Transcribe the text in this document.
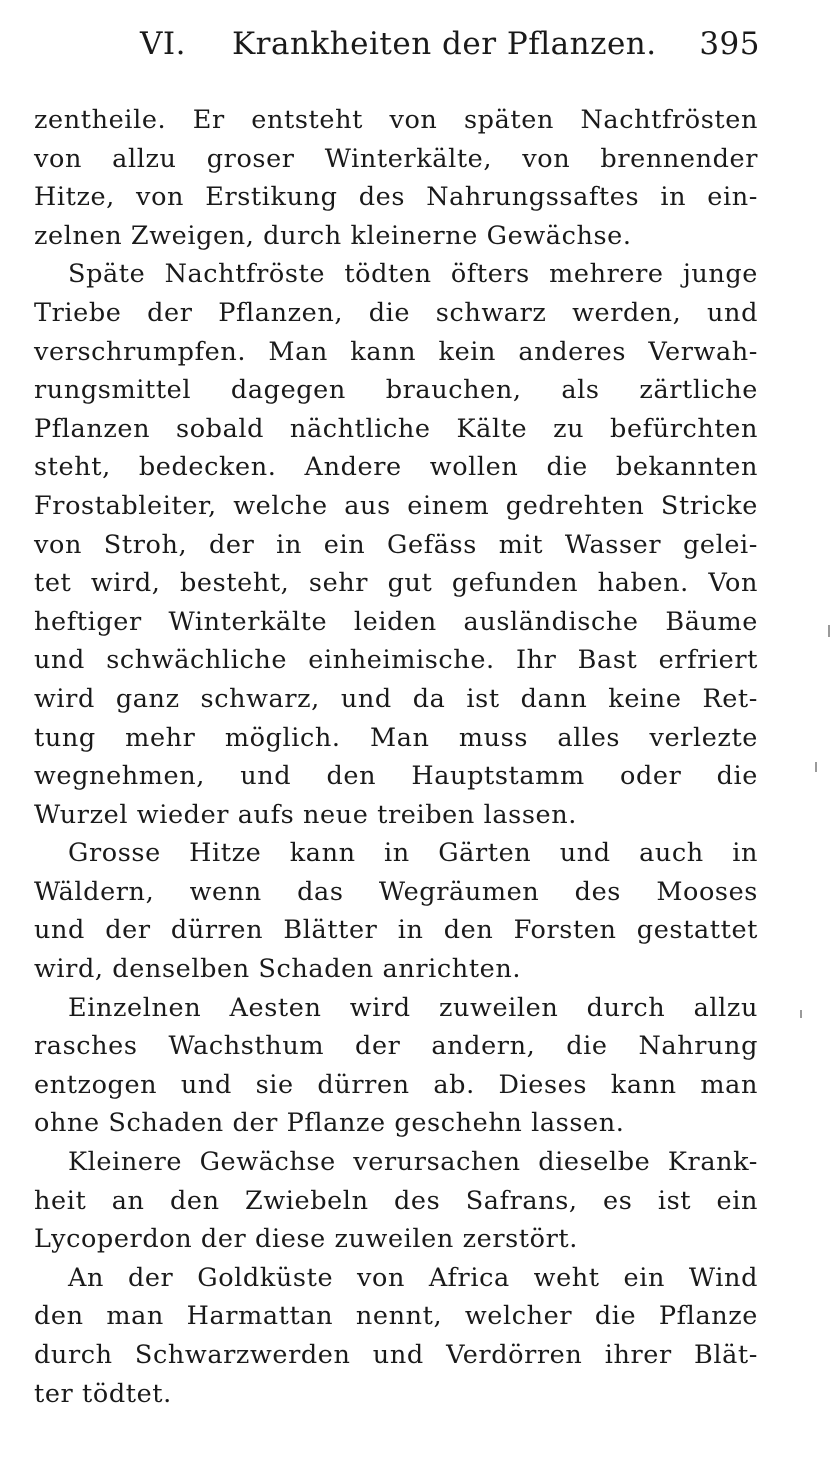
VI. Krankheiten der Pflanzen. 395
zentheile. Er entsteht von späten Nachtfrösten
von allzu groser Winterkälte, von brennender
Hitze, von Erstikung des Nahrungssaftes in ein-
zelnen Zweigen, durch kleinerne Gewächse.
Späte Nachtfröste tödten öfters mehrere junge
Triebe der Pflanzen, die schwarz werden, und
verschrumpfen. Man kann kein anderes Verwah-
rungsmittel dagegen brauchen, als zärtliche
Pflanzen sobald nächtliche Kälte zu befürchten
steht, bedecken. Andere wollen die bekannten
Frostableiter, welche aus einem gedrehten Stricke
von Stroh, der in ein Gefäss mit Wasser gelei-
tet wird, besteht, sehr gut gefunden haben. Von
heftiger Winterkälte leiden ausländische Bäume
und schwächliche einheimische. Ihr Bast erfriert
wird ganz schwarz, und da ist dann keine Ret-
tung mehr möglich. Man muss alles verlezte
wegnehmen, und den Hauptstamm oder die
Wurzel wieder aufs neue treiben lassen.
Grosse Hitze kann in Gärten und auch in
Wäldern, wenn das Wegräumen des Mooses
und der dürren Blätter in den Forsten gestattet
wird, denselben Schaden anrichten.
Einzelnen Aesten wird zuweilen durch allzu
rasches Wachsthum der andern, die Nahrung
entzogen und sie dürren ab. Dieses kann man
ohne Schaden der Pflanze geschehn lassen.
Kleinere Gewächse verursachen dieselbe Krank-
heit an den Zwiebeln des Safrans, es ist ein
Lycoperdon der diese zuweilen zerstört.
An der Goldküste von Africa weht ein Wind
den man Harmattan nennt, welcher die Pflanze
durch Schwarzwerden und Verdörren ihrer Blät-
ter tödtet.
